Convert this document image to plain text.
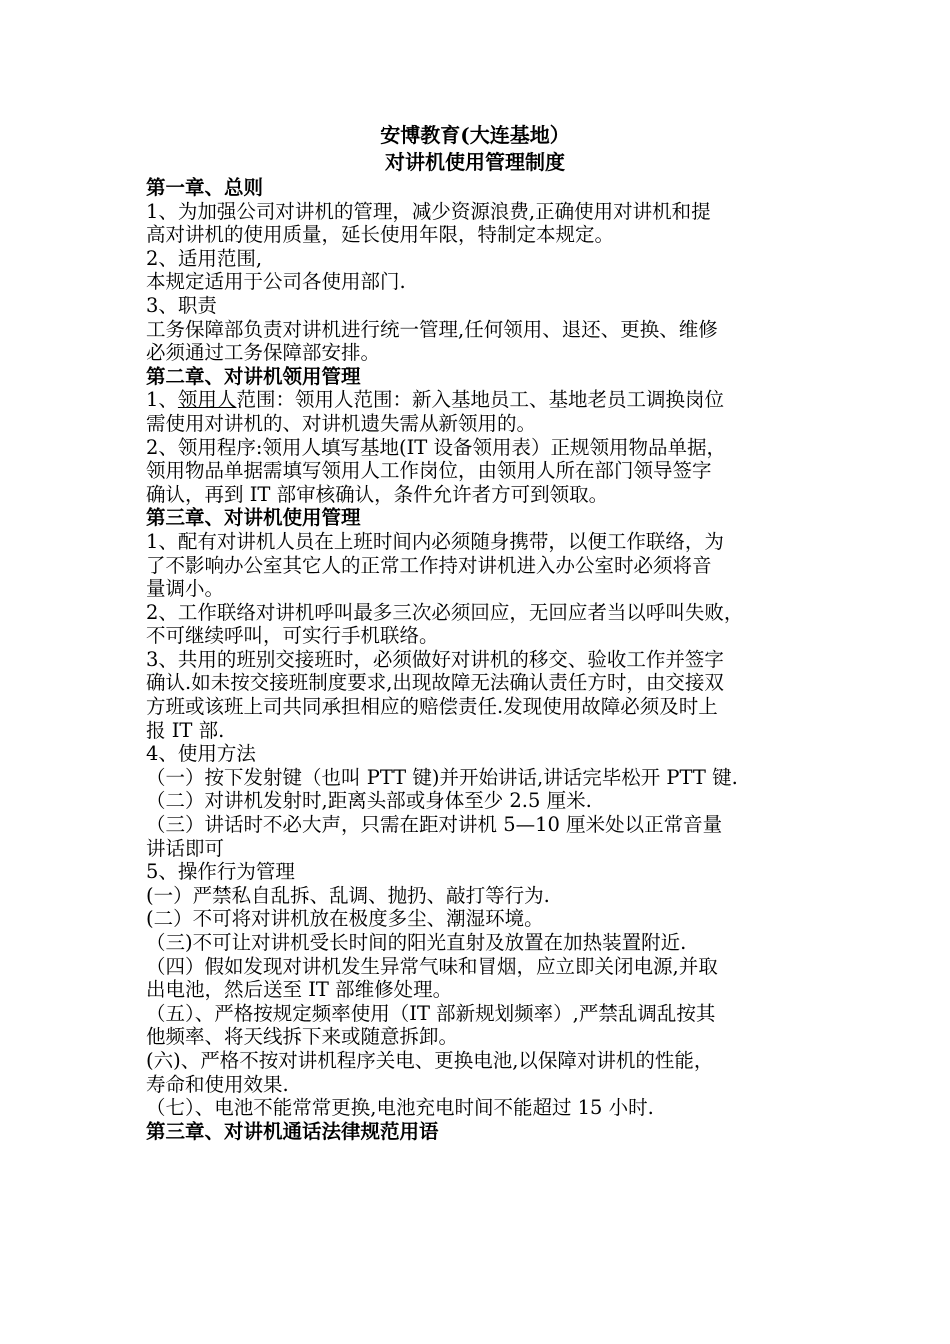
安博教育(大连基地）
对讲机使用管理制度
第一章、总则
1、为加强公司对讲机的管理，减少资源浪费,正确使用对讲机和提
高对讲机的使用质量，延长使用年限，特制定本规定。
2、适用范围,
本规定适用于公司各使用部门.
3、职责
工务保障部负责对讲机进行统一管理,任何领用、退还、更换、维修
必须通过工务保障部安排。
第二章、对讲机领用管理
1、领用人范围：领用人范围：新入基地员工、基地老员工调换岗位
需使用对讲机的、对讲机遗失需从新领用的。
2、领用程序:领用人填写基地(IT 设备领用表）正规领用物品单据，
领用物品单据需填写领用人工作岗位，由领用人所在部门领导签字
确认，再到 IT 部审核确认，条件允许者方可到领取。
第三章、对讲机使用管理
1、配有对讲机人员在上班时间内必须随身携带，以便工作联络，为
了不影响办公室其它人的正常工作持对讲机进入办公室时必须将音
量调小。
2、工作联络对讲机呼叫最多三次必须回应，无回应者当以呼叫失败，
不可继续呼叫，可实行手机联络。
3、共用的班别交接班时，必须做好对讲机的移交、验收工作并签字
确认.如未按交接班制度要求,出现故障无法确认责任方时，由交接双
方班或该班上司共同承担相应的赔偿责任.发现使用故障必须及时上
报 IT 部.
4、使用方法
（一）按下发射键（也叫 PTT 键)并开始讲话,讲话完毕松开 PTT 键.
（二）对讲机发射时,距离头部或身体至少 2.5 厘米.
（三）讲话时不必大声，只需在距对讲机 5—10 厘米处以正常音量
讲话即可
5、操作行为管理
(一）严禁私自乱拆、乱调、抛扔、敲打等行为.
(二）不可将对讲机放在极度多尘、潮湿环境。
（三)不可让对讲机受长时间的阳光直射及放置在加热装置附近.
（四）假如发现对讲机发生异常气味和冒烟，应立即关闭电源,并取
出电池，然后送至 IT 部维修处理。
（五）、严格按规定频率使用（IT 部新规划频率）,严禁乱调乱按其
他频率、将天线拆下来或随意拆卸。
(六)、严格不按对讲机程序关电、更换电池,以保障对讲机的性能，
寿命和使用效果.
（七）、电池不能常常更换,电池充电时间不能超过 15 小时.
第三章、对讲机通话法律规范用语
